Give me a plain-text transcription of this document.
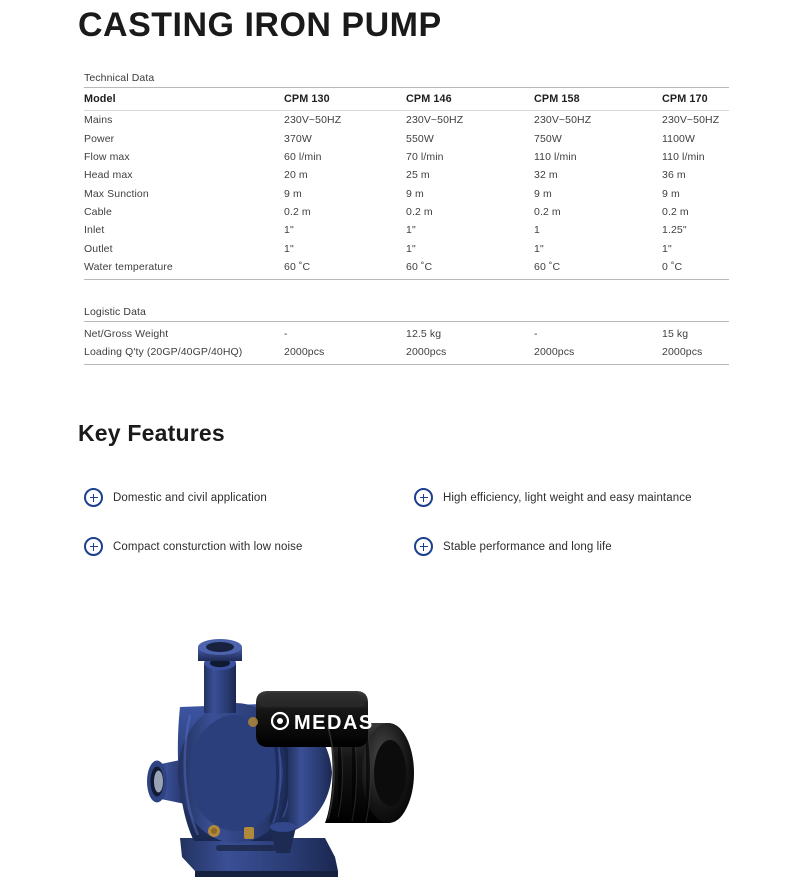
CASTING IRON PUMP
Technical Data
Model	CPM 130	CPM 146	CPM 158	CPM 170
Mains	230V~50HZ	230V~50HZ	230V~50HZ	230V~50HZ
Power	370W	550W	750W	1100W
Flow max	60 l/min	70 l/min	110 l/min	110 l/min
Head max	20 m	25 m	32 m	36 m
Max Sunction	9 m	9 m	9 m	9 m
Cable	0.2 m	0.2 m	0.2 m	0.2 m
Inlet	1"	1"	1	1.25"
Outlet	1"	1"	1"	1"
Water temperature	60 ˚C	60 ˚C	60 ˚C	0 ˚C
Logistic Data
Net/Gross Weight	-	12.5 kg	-	15 kg
Loading Q'ty (20GP/40GP/40HQ)	2000pcs	2000pcs	2000pcs	2000pcs
Key Features
Domestic and civil application	High efficiency, light weight and easy maintance
Compact consturction with low noise	Stable performance and long life
MEDAS
